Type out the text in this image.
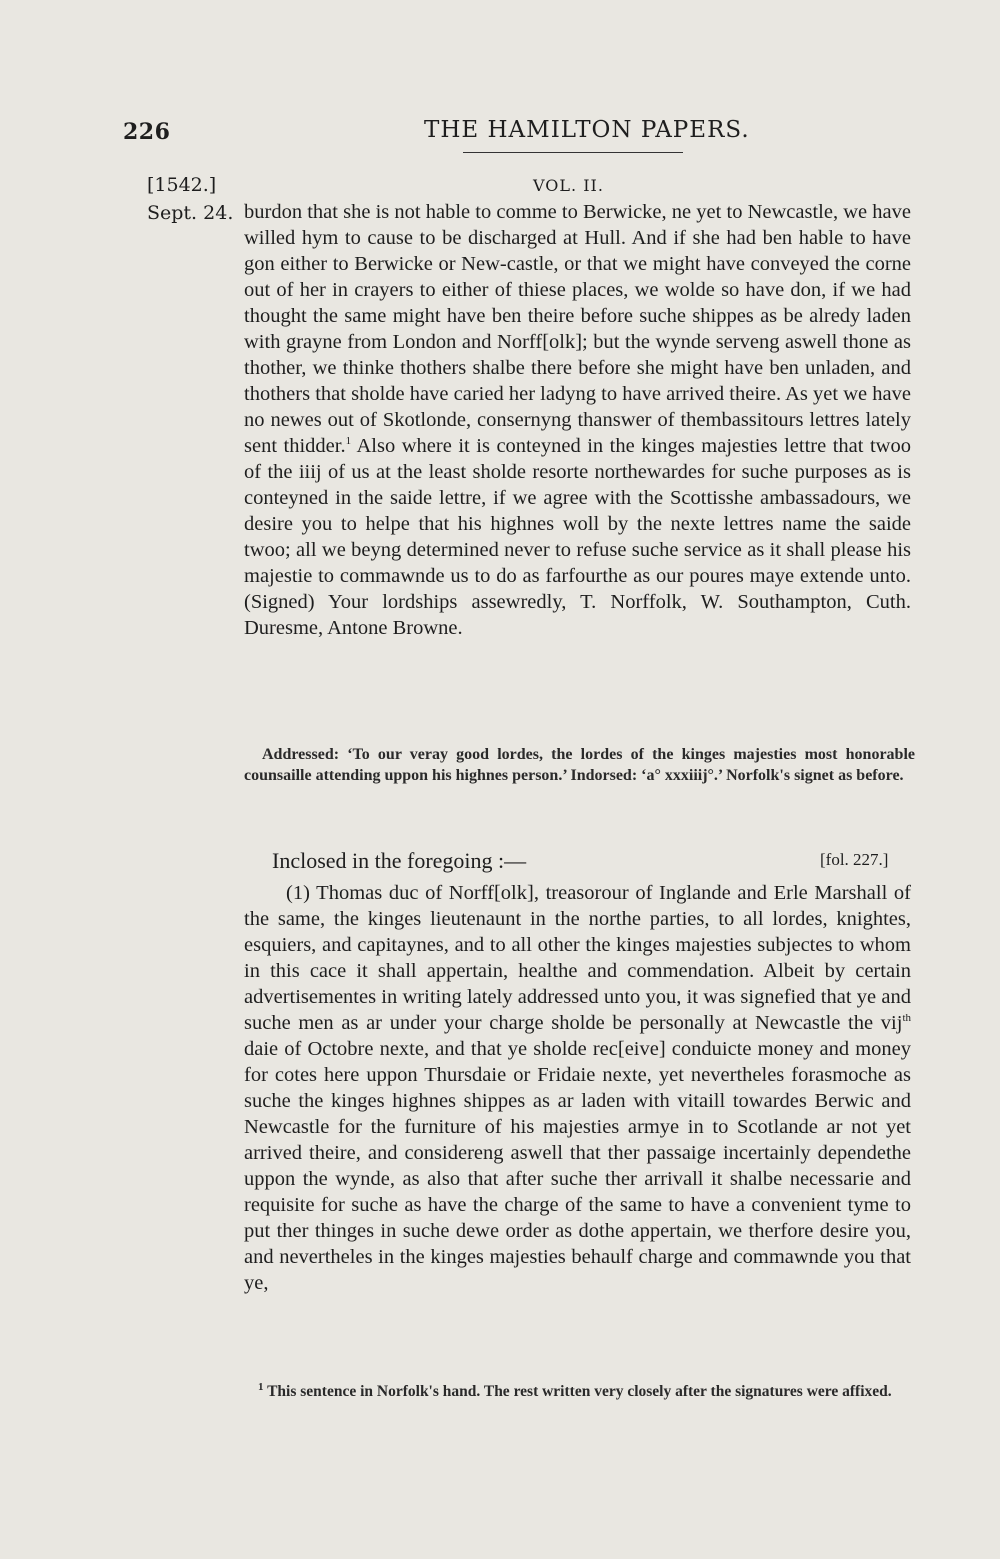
226	THE HAMILTON PAPERS.
[1542.]	VOL. II.
Sept. 24. burdon that she is not hable to comme to Berwicke, ne yet to Newcastle, we have willed hym to cause to be discharged at Hull. And if she had ben hable to have gon either to Berwicke or New-castle, or that we might have conveyed the corne out of her in crayers to either of thiese places, we wolde so have don, if we had thought the same might have ben theire before suche shippes as be alredy laden with grayne from London and Norff[olk]; but the wynde serveng aswell thone as thother, we thinke thothers shalbe there before she might have ben unladen, and thothers that sholde have caried her ladyng to have arrived theire. As yet we have no newes out of Skotlonde, consernyng thanswer of thembassitours lettres lately sent thidder.$^1$ Also where it is conteyned in the kinges majesties lettre that twoo of the iiij of us at the least sholde resorte northewardes for suche purposes as is conteyned in the saide lettre, if we agree with the Scottisshe ambassadours, we desire you to helpe that his highnes woll by the nexte lettres name the saide twoo; all we beyng determined never to refuse suche service as it shall please his majestie to commawnde us to do as farfourthe as our poures maye extende unto. (Signed) Your lordships assewredly, T. Norffolk, W. Southampton, Cuth. Duresme, Antone Browne.
Addressed: ‘To our veray good lordes, the lordes of the kinges majesties most honorable counsaille attending uppon his highnes person.’ Indorsed: ‘a° xxxiiij°.’ Norfolk's signet as before.
Inclosed in the foregoing :—	[fol. 227.]
(1) Thomas duc of Norff[olk], treasorour of Inglande and Erle Marshall of the same, the kinges lieutenaunt in the northe parties, to all lordes, knightes, esquiers, and capitaynes, and to all other the kinges majesties subjectes to whom in this cace it shall appertain, healthe and commendation. Albeit by certain advertisementes in writing lately addressed unto you, it was signefied that ye and suche men as ar under your charge sholde be personally at Newcastle the vij$^{th}$ daie of Octobre nexte, and that ye sholde rec[eive] conduicte money and money for cotes here uppon Thursdaie or Fridaie nexte, yet nevertheles forasmoche as suche the kinges highnes shippes as ar laden with vitaill towardes Berwic and Newcastle for the furniture of his majesties armye in to Scotlande ar not yet arrived theire, and considereng aswell that ther passaige incertainly dependethe uppon the wynde, as also that after suche ther arrivall it shalbe necessarie and requisite for suche as have the charge of the same to have a convenient tyme to put ther thinges in suche dewe order as dothe appertain, we therfore desire you, and nevertheles in the kinges majesties behaulf charge and commawnde you that ye,
$^1$ This sentence in Norfolk's hand. The rest written very closely after the signatures were affixed.
